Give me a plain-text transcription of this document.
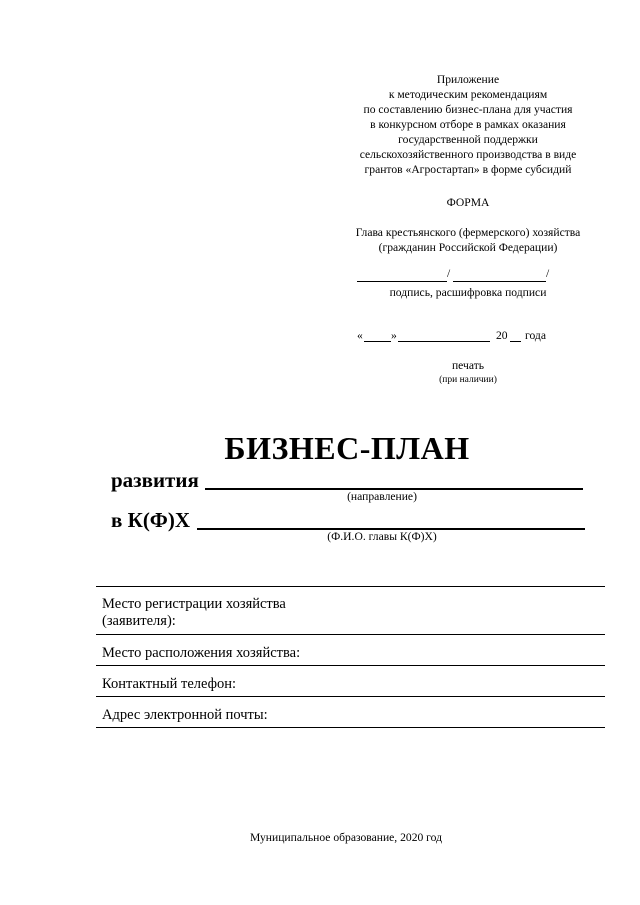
Приложение
к методическим рекомендациям
по составлению бизнес-плана для участия
в конкурсном отборе в рамках оказания
государственной поддержки
сельскохозяйственного производства в виде
грантов «Агростартап» в форме субсидий
ФОРМА
Глава крестьянского (фермерского) хозяйства
(гражданин Российской Федерации)
/	/
подпись, расшифровка подписи
« »	20 года
печать
(при наличии)
БИЗНЕС-ПЛАН
развития
(направление)
в К(Ф)Х
(Ф.И.О. главы К(Ф)Х)
Место регистрации хозяйства
(заявителя):
Место расположения хозяйства:
Контактный телефон:
Адрес электронной почты:
Муниципальное образование, 2020 год
